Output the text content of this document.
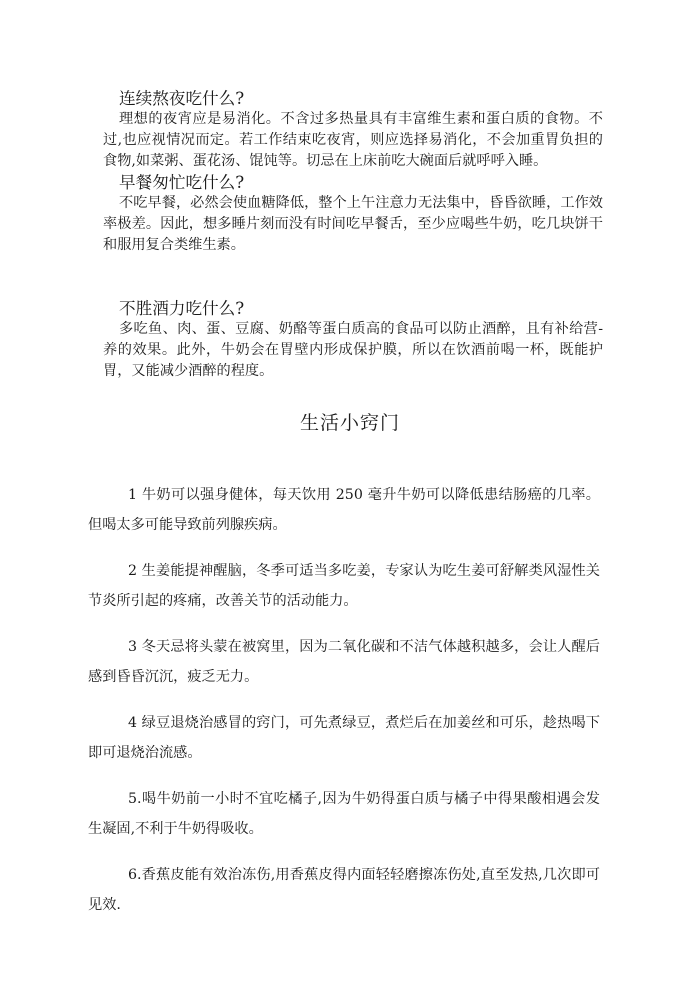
连续熬夜吃什么?

理想的夜宵应是易消化。不含过多热量具有丰富维生素和蛋白质的食物。不过,也应视情况而定。若工作结束吃夜宵，则应选择易消化，不会加重胃负担的食物,如菜粥、蛋花汤、馄饨等。切忌在上床前吃大碗面后就呼呼入睡。

早餐匆忙吃什么?

不吃早餐，必然会使血糖降低，整个上午注意力无法集中，昏昏欲睡，工作效率极差。因此，想多睡片刻而没有时间吃早餐舌，至少应喝些牛奶，吃几块饼干和服用复合类维生素。

不胜酒力吃什么?

多吃鱼、肉、蛋、豆腐、奶酪等蛋白质高的食品可以防止酒醉，且有补给营-养的效果。此外，牛奶会在胃壁内形成保护膜，所以在饮酒前喝一杯，既能护胃，又能减少酒醉的程度。

生活小窍门

1 牛奶可以强身健体，每天饮用 250 毫升牛奶可以降低患结肠癌的几率。但喝太多可能导致前列腺疾病。

2 生姜能提神醒脑，冬季可适当多吃姜，专家认为吃生姜可舒解类风湿性关节炎所引起的疼痛，改善关节的活动能力。

3 冬天忌将头蒙在被窝里，因为二氧化碳和不洁气体越积越多，会让人醒后感到昏昏沉沉，疲乏无力。

4 绿豆退烧治感冒的窍门，可先煮绿豆，煮烂后在加姜丝和可乐，趁热喝下即可退烧治流感。

5.喝牛奶前一小时不宜吃橘子,因为牛奶得蛋白质与橘子中得果酸相遇会发生凝固,不利于牛奶得吸收。

6.香蕉皮能有效治冻伤,用香蕉皮得内面轻轻磨擦冻伤处,直至发热,几次即可见效.
